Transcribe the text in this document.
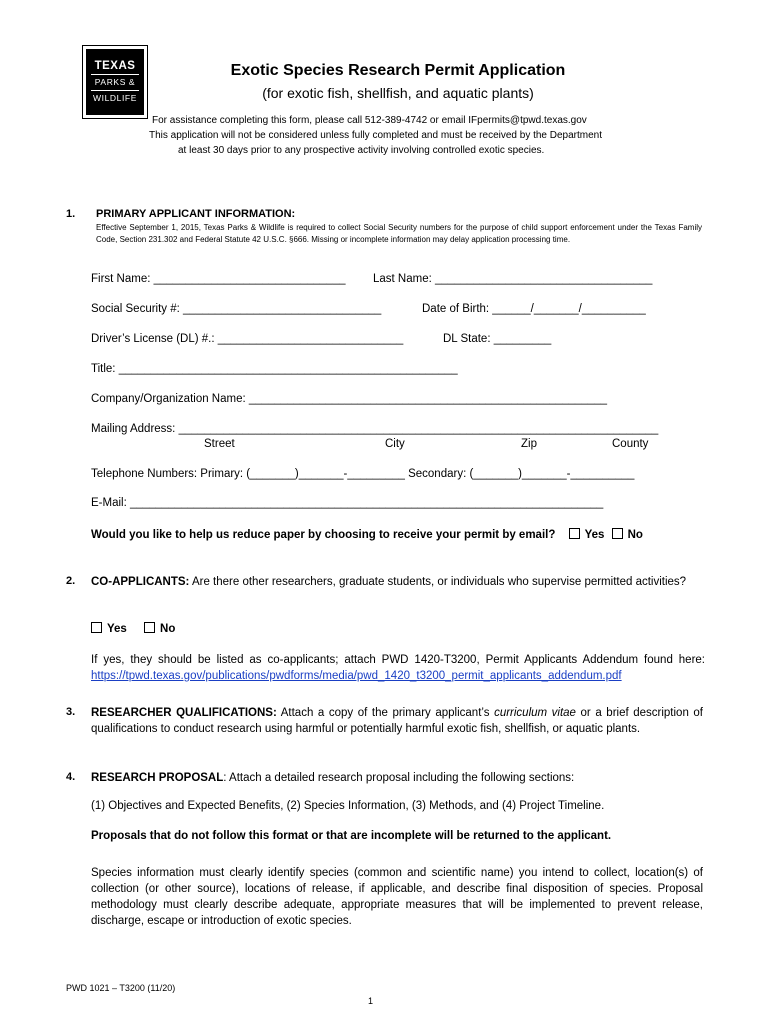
TEXAS
PARKS &
WILDLIFE
Exotic Species Research Permit Application
(for exotic fish, shellfish, and aquatic plants)
For assistance completing this form, please call 512-389-4742 or email IFpermits@tpwd.texas.gov
This application will not be considered unless fully completed and must be received by the Department
at least 30 days prior to any prospective activity involving controlled exotic species.
1. PRIMARY APPLICANT INFORMATION:
Effective September 1, 2015, Texas Parks & Wildlife is required to collect Social Security numbers for the purpose of child support enforcement under the Texas Family Code, Section 231.302 and Federal Statute 42 U.S.C. §666. Missing or incomplete information may delay application processing time.
First Name: ______________________________ Last Name: __________________________________
Social Security #: _______________________________	Date of Birth: ______/_______/__________
Driver’s License (DL) #.: _____________________________	DL State: _________
Title: _____________________________________________________
Company/Organization Name: ________________________________________________________
Mailing Address: ___________________________________________________________________________
Street	City	Zip	County
Telephone Numbers: Primary: (_______)_______-_________ Secondary: (_______)_______-__________
E-Mail: __________________________________________________________________________
Would you like to help us reduce paper by choosing to receive your permit by email?	Yes No
2. CO-APPLICANTS: Are there other researchers, graduate students, or individuals who supervise permitted activities?
Yes	No
If yes, they should be listed as co-applicants; attach PWD 1420-T3200, Permit Applicants Addendum found here: https://tpwd.texas.gov/publications/pwdforms/media/pwd_1420_t3200_permit_applicants_addendum.pdf
3. RESEARCHER QUALIFICATIONS: Attach a copy of the primary applicant’s curriculum vitae or a brief description of qualifications to conduct research using harmful or potentially harmful exotic fish, shellfish, or aquatic plants.
4. RESEARCH PROPOSAL: Attach a detailed research proposal including the following sections:
(1) Objectives and Expected Benefits, (2) Species Information, (3) Methods, and (4) Project Timeline.
Proposals that do not follow this format or that are incomplete will be returned to the applicant.
Species information must clearly identify species (common and scientific name) you intend to collect, location(s) of collection (or other source), locations of release, if applicable, and describe final disposition of species. Proposal methodology must clearly describe adequate, appropriate measures that will be implemented to prevent release, discharge, escape or introduction of exotic species.
PWD 1021 – T3200 (11/20)
1
